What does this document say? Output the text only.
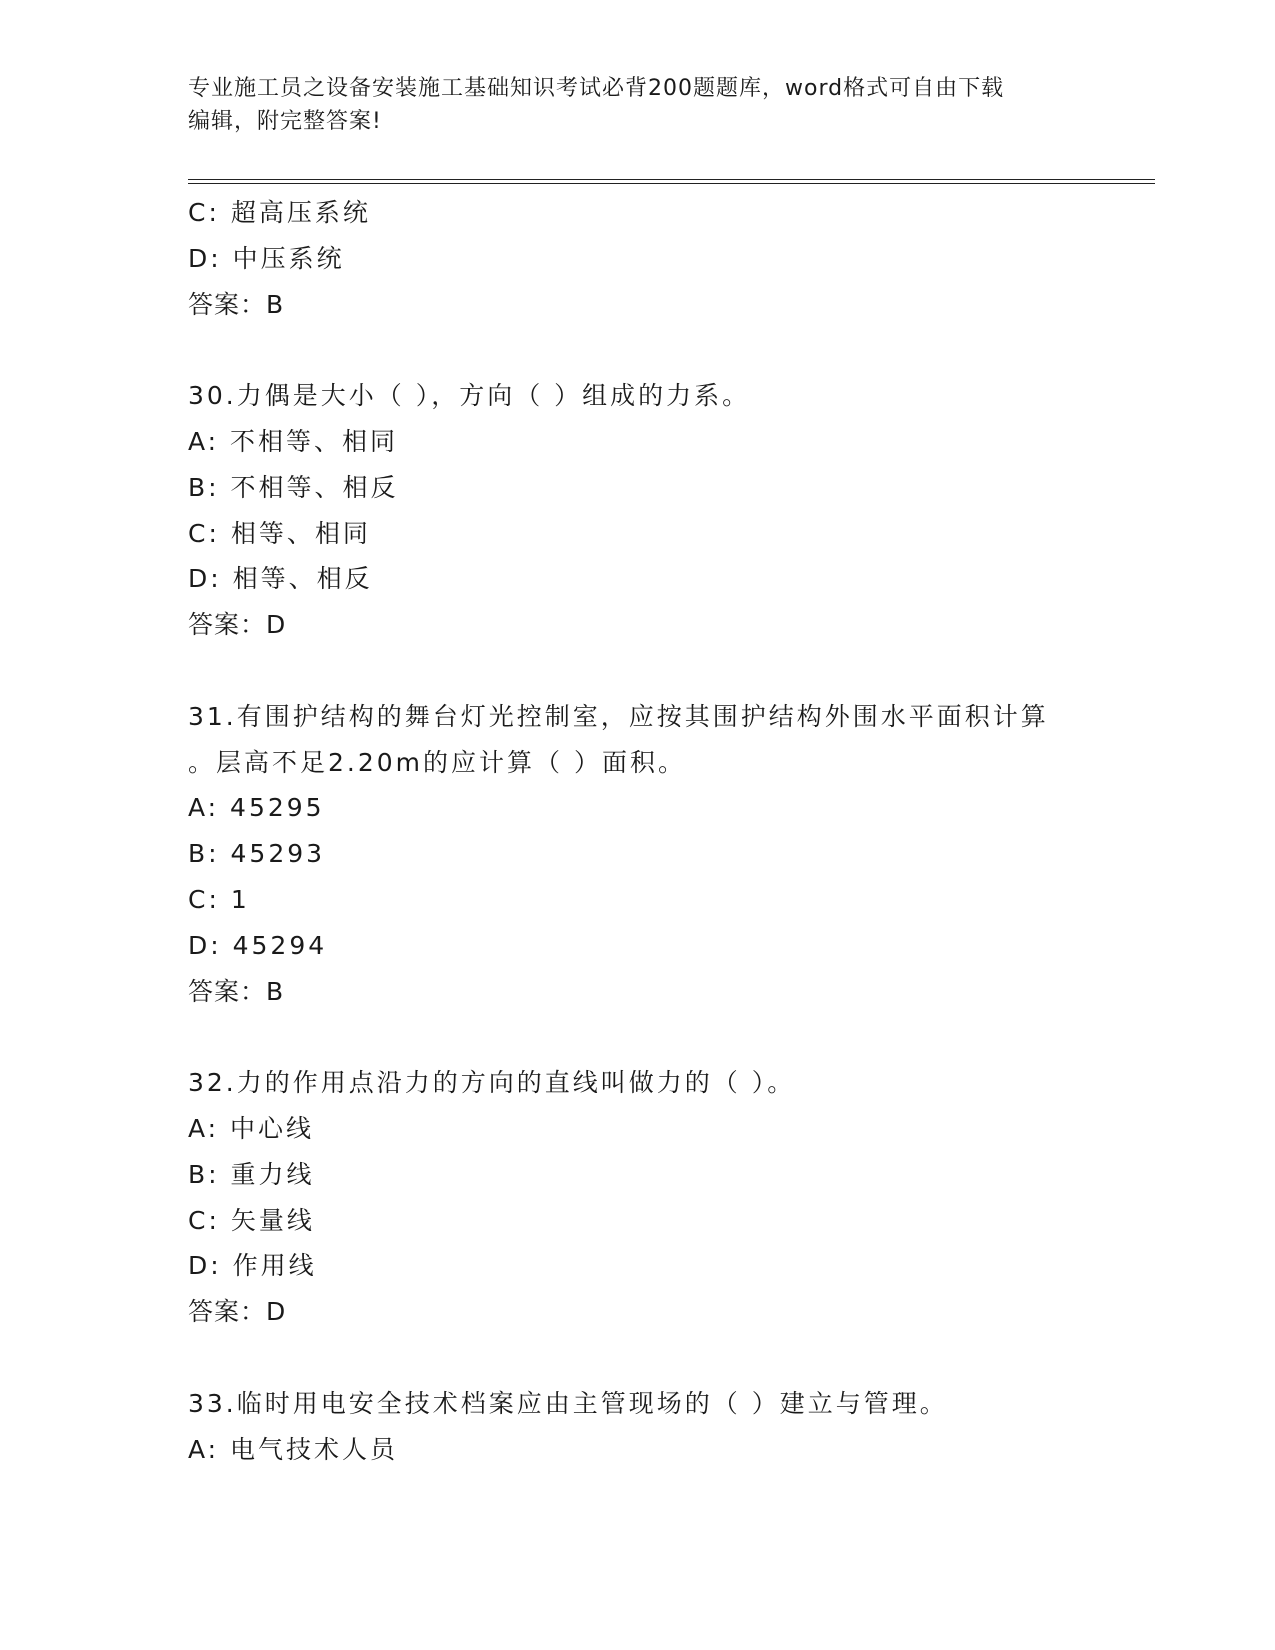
专业施工员之设备安装施工基础知识考试必背200题题库，word格式可自由下载
编辑，附完整答案!
C: 超高压系统
D: 中压系统
答案：B
30.力偶是大小（ ），方向（ ）组成的力系。
A: 不相等、相同
B: 不相等、相反
C: 相等、相同
D: 相等、相反
答案：D
31.有围护结构的舞台灯光控制室，应按其围护结构外围水平面积计算
。层高不足2.20m的应计算（ ）面积。
A: 45295
B: 45293
C: 1
D: 45294
答案：B
32.力的作用点沿力的方向的直线叫做力的（ ）。
A: 中心线
B: 重力线
C: 矢量线
D: 作用线
答案：D
33.临时用电安全技术档案应由主管现场的（ ）建立与管理。
A: 电气技术人员
